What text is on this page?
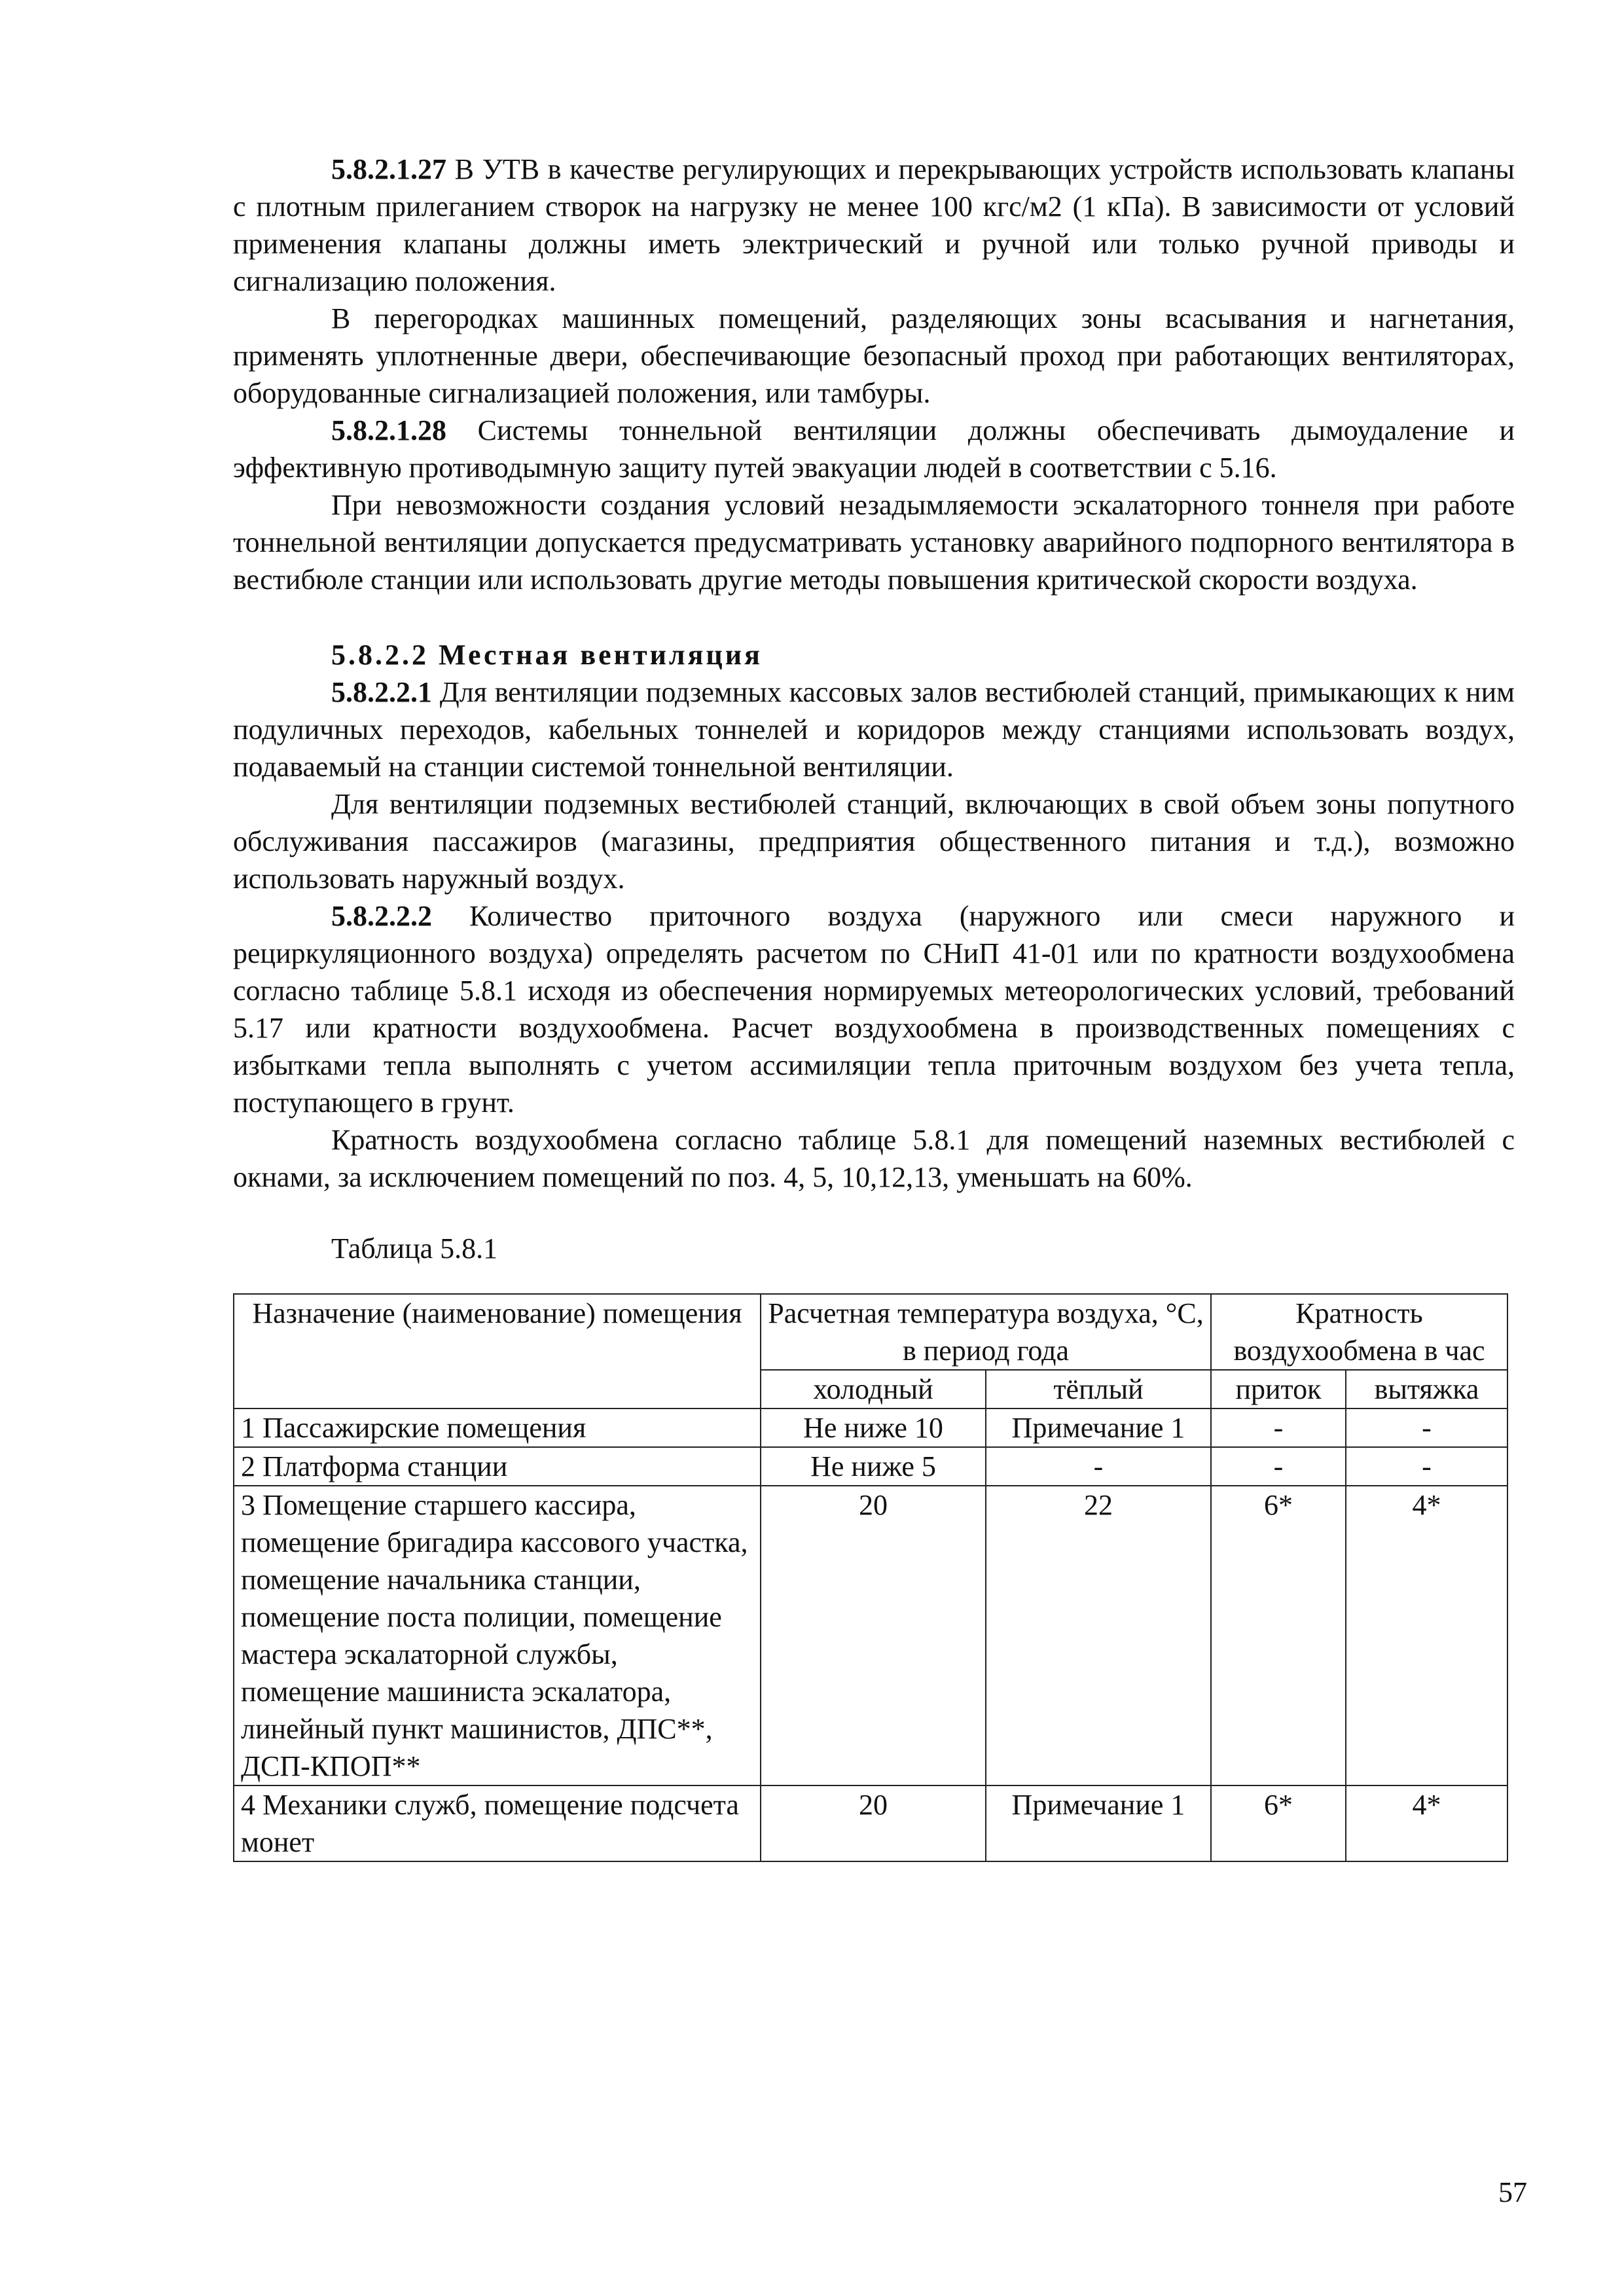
5.8.2.1.27 В УТВ в качестве регулирующих и перекрывающих устройств использовать клапаны с плотным прилеганием створок на нагрузку не менее 100 кгс/м2 (1 кПа). В зависимости от условий применения клапаны должны иметь электрический и ручной или только ручной приводы и сигнализацию положения.

В перегородках машинных помещений, разделяющих зоны всасывания и нагнетания, применять уплотненные двери, обеспечивающие безопасный проход при работающих вентиляторах, оборудованные сигнализацией положения, или тамбуры.

5.8.2.1.28 Системы тоннельной вентиляции должны обеспечивать дымоудаление и эффективную противодымную защиту путей эвакуации людей в соответствии с 5.16.

При невозможности создания условий незадымляемости эскалаторного тоннеля при работе тоннельной вентиляции допускается предусматривать установку аварийного подпорного вентилятора в вестибюле станции или использовать другие методы повышения критической скорости воздуха.

5.8.2.2 Местная вентиляция

5.8.2.2.1 Для вентиляции подземных кассовых залов вестибюлей станций, примыкающих к ним подуличных переходов, кабельных тоннелей и коридоров между станциями использовать воздух, подаваемый на станции системой тоннельной вентиляции.

Для вентиляции подземных вестибюлей станций, включающих в свой объем зоны попутного обслуживания пассажиров (магазины, предприятия общественного питания и т.д.), возможно использовать наружный воздух.

5.8.2.2.2 Количество приточного воздуха (наружного или смеси наружного и рециркуляционного воздуха) определять расчетом по СНиП 41-01 или по кратности воздухообмена согласно таблице 5.8.1 исходя из обеспечения нормируемых метеорологических условий, требований 5.17 или кратности воздухообмена. Расчет воздухообмена в производственных помещениях с избытками тепла выполнять с учетом ассимиляции тепла приточным воздухом без учета тепла, поступающего в грунт.

Кратность воздухообмена согласно таблице 5.8.1 для помещений наземных вестибюлей с окнами, за исключением помещений по поз. 4, 5, 10,12,13, уменьшать на 60%.

Таблица 5.8.1
Назначение (наименование) помещения	Расчетная температура воздуха, °С, в период года		Кратность воздухообмена в час	
	холодный	тёплый	приток	вытяжка
1 Пассажирские помещения	Не ниже 10	Примечание 1	-	-
2 Платформа станции	Не ниже 5	-	-	-
3 Помещение старшего кассира, помещение бригадира кассового участка, помещение начальника станции, помещение поста полиции, помещение мастера эскалаторной службы, помещение машиниста эскалатора, линейный пункт машинистов, ДПС**, ДСП-КПОП**	20	22	6*	4*
4 Механики служб, помещение подсчета монет	20	Примечание 1	6*	4*
57
